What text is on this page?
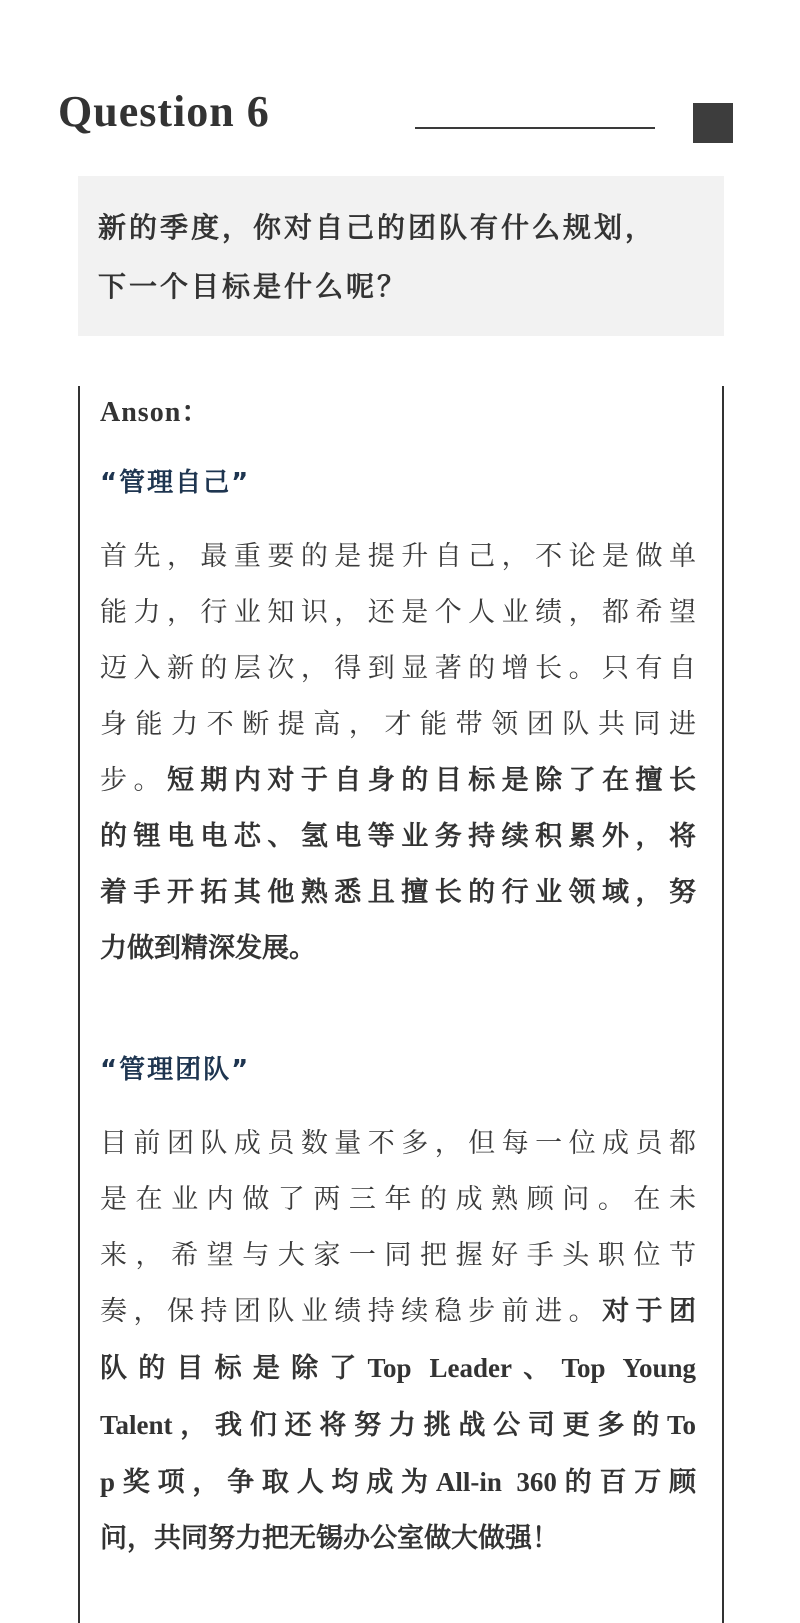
Question 6
新的季度，你对自己的团队有什么规划，
下一个目标是什么呢？
Anson：
“管理自己”
首先，最重要的是提升自己，不论是做单
能力，行业知识，还是个人业绩，都希望
迈入新的层次，得到显著的增长。只有自
身能力不断提高，才能带领团队共同进
步。短期内对于自身的目标是除了在擅长
的锂电电芯、氢电等业务持续积累外，将
着手开拓其他熟悉且擅长的行业领域，努
力做到精深发展。
“管理团队”
目前团队成员数量不多，但每一位成员都
是在业内做了两三年的成熟顾问。在未
来，希望与大家一同把握好手头职位节
奏，保持团队业绩持续稳步前进。对于团
队的目标是除了Top Leader、Top Young
Talent，我们还将努力挑战公司更多的To
p奖项，争取人均成为All-in 360的百万顾
问，共同努力把无锡办公室做大做强！
